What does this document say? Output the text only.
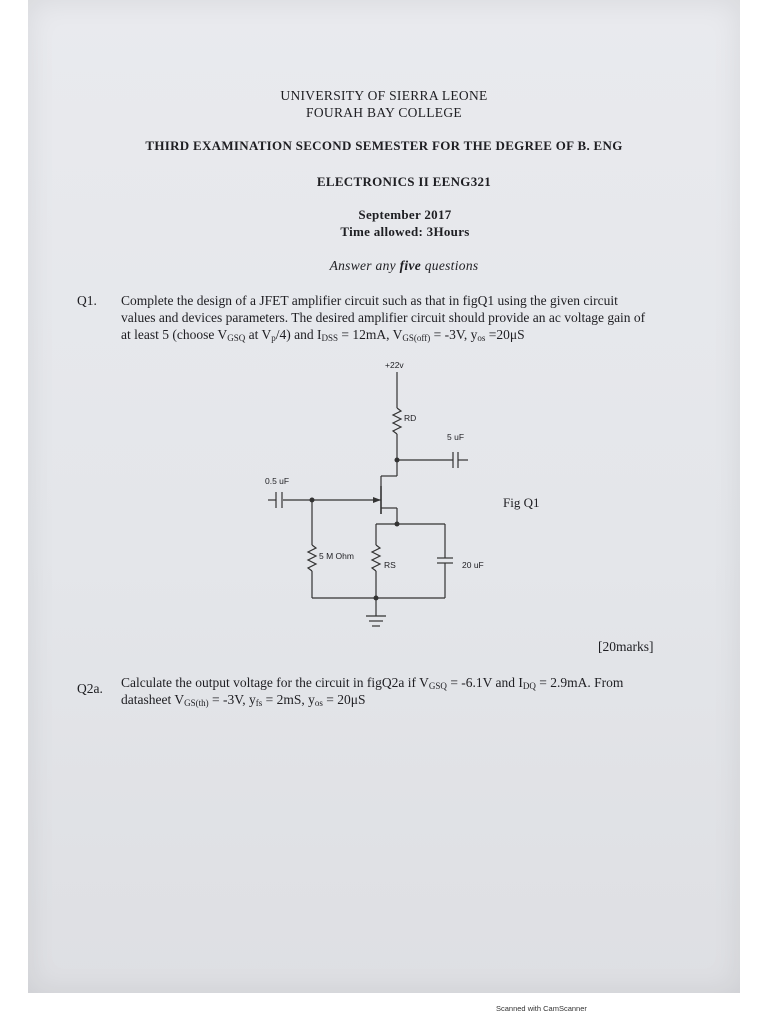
UNIVERSITY OF SIERRA LEONE
FOURAH BAY COLLEGE
THIRD EXAMINATION SECOND SEMESTER FOR THE DEGREE OF B. ENG
ELECTRONICS II EENG321
September 2017
Time allowed: 3Hours
Answer any five questions
Q1. Complete the design of a JFET amplifier circuit such as that in figQ1 using the given circuit
values and devices parameters. The desired amplifier circuit should provide an ac voltage gain of
at least 5 (choose $V_{GSQ}$ at $V_p/4$) and $I_{DSS} = 12mA$, $V_{GS(off)} = -3V$, $y_{os} =20\mu S$
+22v
RD
5 uF
0.5 uF
5 M Ohm
RS	20 uF
Fig Q1
[20marks]
Q2a. Calculate the output voltage for the circuit in figQ2a if $V_{GSQ} = -6.1V$ and $I_{DQ} = 2.9mA$. From
datasheet $V_{GS(th)} = -3V$, $y_{fs} = 2mS$, $y_{os} = 20\mu S$
Scanned with CamScanner
